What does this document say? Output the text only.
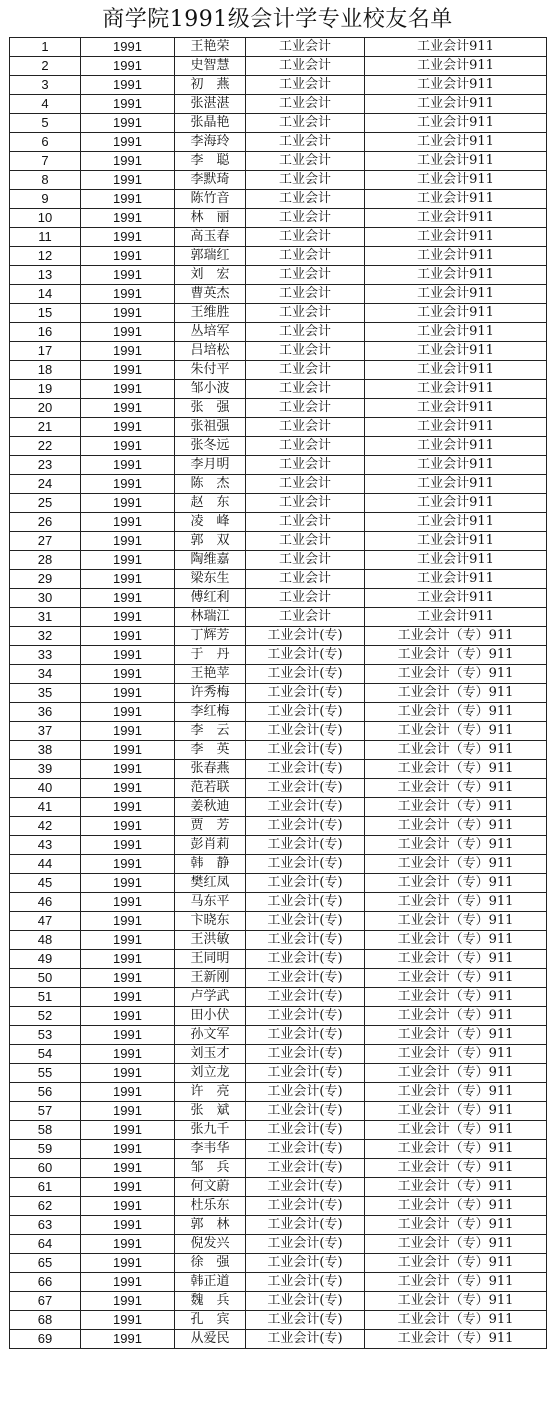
商学院1991级会计学专业校友名单
1	1991	王艳荣	工业会计	工业会计911
2	1991	史智慧	工业会计	工业会计911
3	1991	初　燕	工业会计	工业会计911
4	1991	张湛湛	工业会计	工业会计911
5	1991	张晶艳	工业会计	工业会计911
6	1991	李海玲	工业会计	工业会计911
7	1991	李　聪	工业会计	工业会计911
8	1991	李默琦	工业会计	工业会计911
9	1991	陈竹音	工业会计	工业会计911
10	1991	林　丽	工业会计	工业会计911
11	1991	高玉春	工业会计	工业会计911
12	1991	郭瑞红	工业会计	工业会计911
13	1991	刘　宏	工业会计	工业会计911
14	1991	曹英杰	工业会计	工业会计911
15	1991	王维胜	工业会计	工业会计911
16	1991	丛培军	工业会计	工业会计911
17	1991	吕培松	工业会计	工业会计911
18	1991	朱付平	工业会计	工业会计911
19	1991	邹小波	工业会计	工业会计911
20	1991	张　强	工业会计	工业会计911
21	1991	张祖强	工业会计	工业会计911
22	1991	张冬远	工业会计	工业会计911
23	1991	李月明	工业会计	工业会计911
24	1991	陈　杰	工业会计	工业会计911
25	1991	赵　东	工业会计	工业会计911
26	1991	凌　峰	工业会计	工业会计911
27	1991	郭　双	工业会计	工业会计911
28	1991	陶维嘉	工业会计	工业会计911
29	1991	梁东生	工业会计	工业会计911
30	1991	傅红利	工业会计	工业会计911
31	1991	林瑞江	工业会计	工业会计911
32	1991	丁辉芳	工业会计(专)	工业会计（专）911
33	1991	于　丹	工业会计(专)	工业会计（专）911
34	1991	王艳苹	工业会计(专)	工业会计（专）911
35	1991	许秀梅	工业会计(专)	工业会计（专）911
36	1991	李红梅	工业会计(专)	工业会计（专）911
37	1991	李　云	工业会计(专)	工业会计（专）911
38	1991	李　英	工业会计(专)	工业会计（专）911
39	1991	张春燕	工业会计(专)	工业会计（专）911
40	1991	范若联	工业会计(专)	工业会计（专）911
41	1991	姜秋迪	工业会计(专)	工业会计（专）911
42	1991	贾　芳	工业会计(专)	工业会计（专）911
43	1991	彭肖莉	工业会计(专)	工业会计（专）911
44	1991	韩　静	工业会计(专)	工业会计（专）911
45	1991	樊红凤	工业会计(专)	工业会计（专）911
46	1991	马东平	工业会计(专)	工业会计（专）911
47	1991	卞晓东	工业会计(专)	工业会计（专）911
48	1991	王洪敏	工业会计(专)	工业会计（专）911
49	1991	王同明	工业会计(专)	工业会计（专）911
50	1991	王新刚	工业会计(专)	工业会计（专）911
51	1991	卢学武	工业会计(专)	工业会计（专）911
52	1991	田小伏	工业会计(专)	工业会计（专）911
53	1991	孙文军	工业会计(专)	工业会计（专）911
54	1991	刘玉才	工业会计(专)	工业会计（专）911
55	1991	刘立龙	工业会计(专)	工业会计（专）911
56	1991	许　亮	工业会计(专)	工业会计（专）911
57	1991	张　斌	工业会计(专)	工业会计（专）911
58	1991	张九千	工业会计(专)	工业会计（专）911
59	1991	李韦华	工业会计(专)	工业会计（专）911
60	1991	邹　兵	工业会计(专)	工业会计（专）911
61	1991	何文蔚	工业会计(专)	工业会计（专）911
62	1991	杜乐东	工业会计(专)	工业会计（专）911
63	1991	郭　林	工业会计(专)	工业会计（专）911
64	1991	倪发兴	工业会计(专)	工业会计（专）911
65	1991	徐　强	工业会计(专)	工业会计（专）911
66	1991	韩正道	工业会计(专)	工业会计（专）911
67	1991	魏　兵	工业会计(专)	工业会计（专）911
68	1991	孔　宾	工业会计(专)	工业会计（专）911
69	1991	从爱民	工业会计(专)	工业会计（专）911
